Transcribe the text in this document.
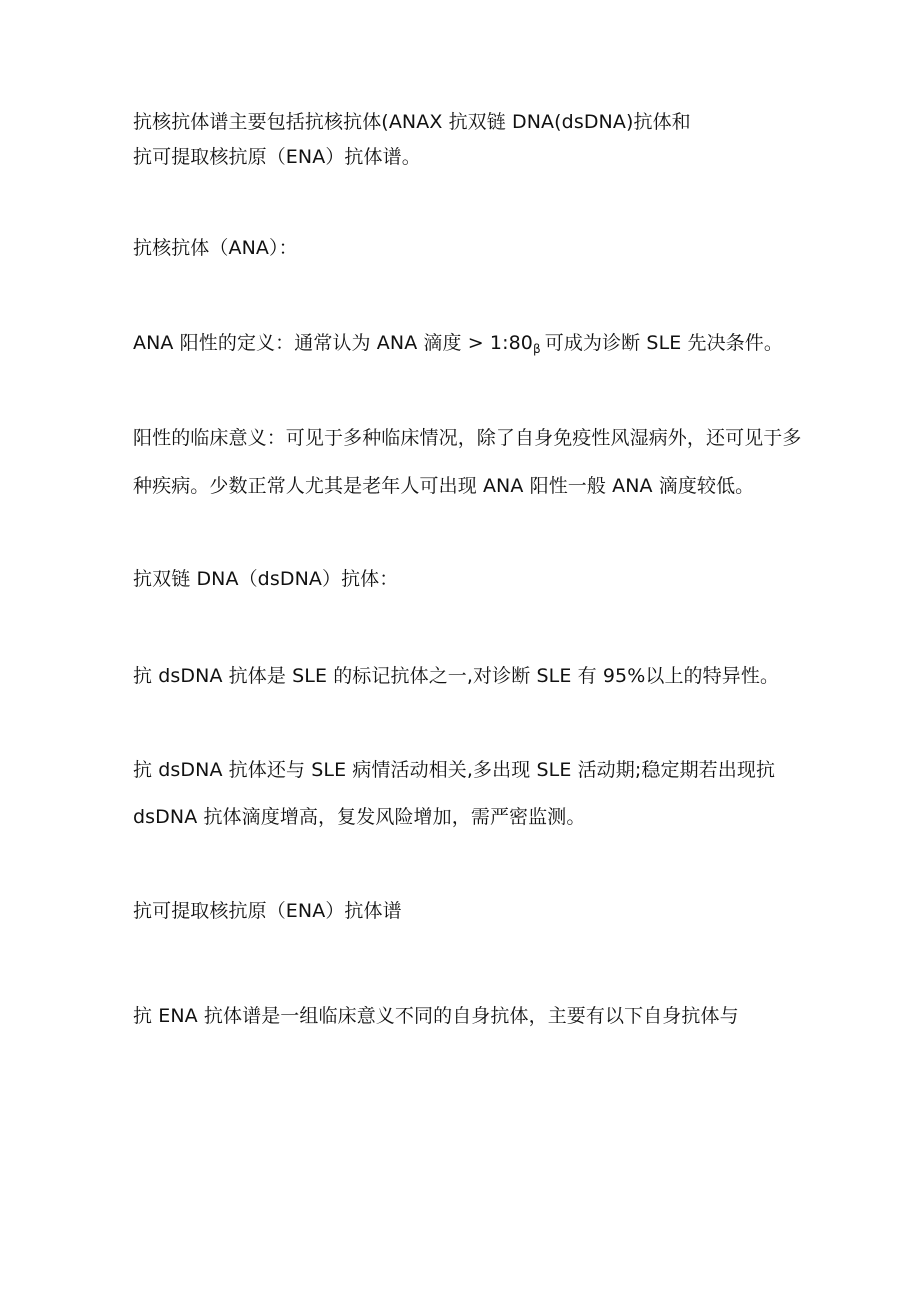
抗核抗体谱主要包括抗核抗体(ANAX 抗双链 DNA(dsDNA)抗体和
抗可提取核抗原（ENA）抗体谱。
抗核抗体（ANA）：
ANA 阳性的定义：通常认为 ANA 滴度 > $1:80_\beta$ 可成为诊断 SLE 先决条件。
阳性的临床意义：可见于多种临床情况，除了自身免疫性风湿病外，还可见于多
种疾病。少数正常人尤其是老年人可出现 ANA 阳性一般 ANA 滴度较低。
抗双链 DNA（dsDNA）抗体：
抗 dsDNA 抗体是 SLE 的标记抗体之一,对诊断 SLE 有 95%以上的特异性。
抗 dsDNA 抗体还与 SLE 病情活动相关,多出现 SLE 活动期;稳定期若出现抗
dsDNA 抗体滴度增高，复发风险增加，需严密监测。
抗可提取核抗原（ENA）抗体谱
抗 ENA 抗体谱是一组临床意义不同的自身抗体，主要有以下自身抗体与
